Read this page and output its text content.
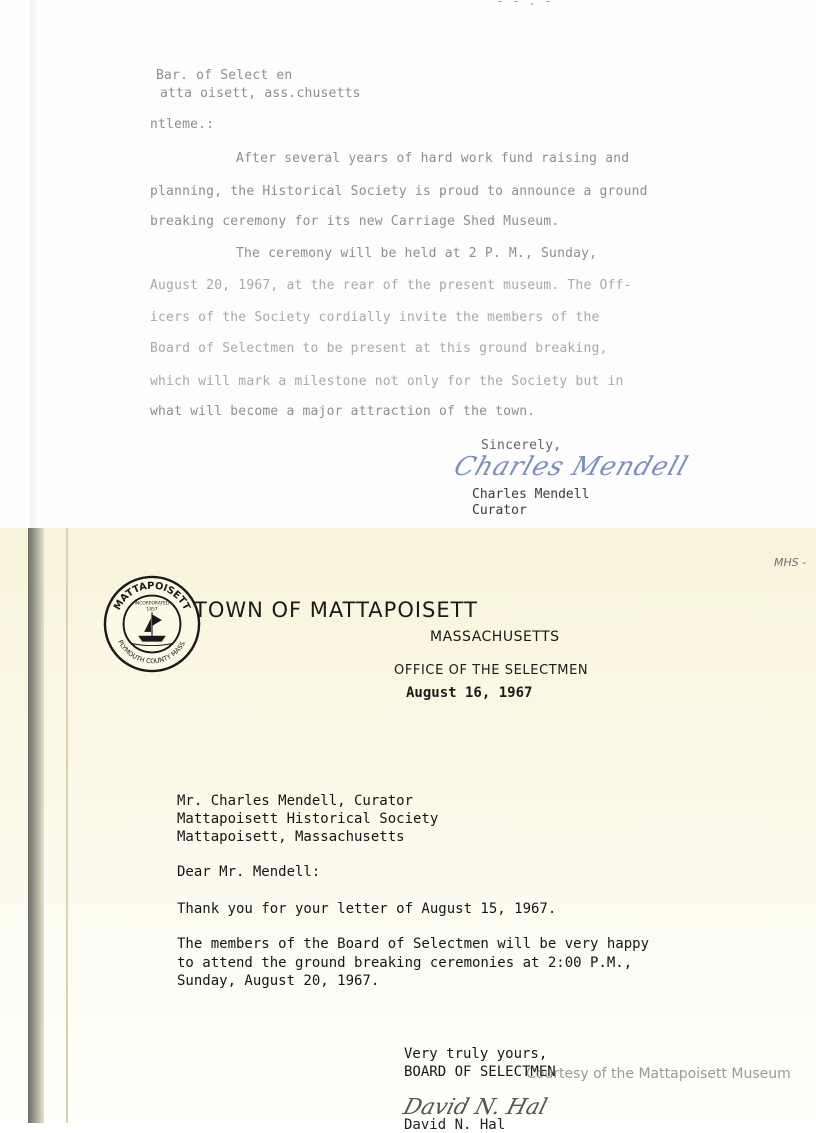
- - . -
Bar. of Select en
atta oisett, ass.chusetts
ntleme.:
After several years of hard work fund raising and
planning, the Historical Society is proud to announce a ground
breaking ceremony for its new Carriage Shed Museum.
The ceremony will be held at 2 P. M., Sunday,
August 20, 1967, at the rear of the present museum. The Off-
icers of the Society cordially invite the members of the
Board of Selectmen to be present at this ground breaking,
which will mark a milestone not only for the Society but in
what will become a major attraction of the town.
Sincerely,
Charles Mendell
Charles Mendell
Curator
MHS -
MATTAPOISETT
PLYMOUTH COUNTY MASS.
INCORPORATED
1857	TOWN OF MATTAPOISETT
MASSACHUSETTS
OFFICE OF THE SELECTMEN
August 16, 1967
Mr. Charles Mendell, Curator
Mattapoisett Historical Society
Mattapoisett, Massachusetts
Dear Mr. Mendell:
Thank you for your letter of August 15, 1967.
The members of the Board of Selectmen will be very happy
to attend the ground breaking ceremonies at 2:00 P.M.,
Sunday, August 20, 1967.
Very truly yours,
BOARD OF SELECTMEN
David N. Hal
David N. Hal
Courtesy of the Mattapoisett Museum
